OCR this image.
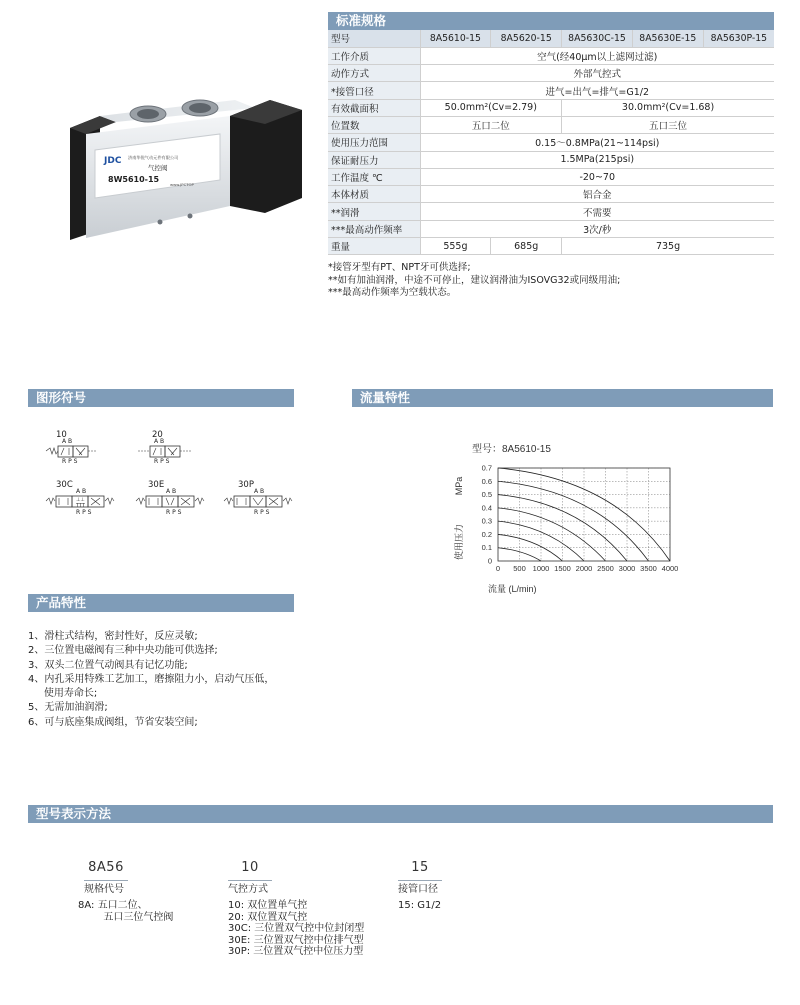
JDC 济南华锐气动元件有限公司
气控阀
8W5610-15
www.JPCTOP
标准规格
型号	8A5610-15	8A5620-15	8A5630C-15	8A5630E-15	8A5630P-15
工作介质	空气(经40μm以上滤网过滤)				
动作方式	外部气控式				
*接管口径	进气=出气=排气=G1/2				
有效截面积	50.0mm²(Cv=2.79)		30.0mm²(Cv=1.68)		
位置数	五口二位		五口三位		
使用压力范围	0.15～0.8MPa(21~114psi)				
保证耐压力	1.5MPa(215psi)				
工作温度 ℃	-20~70				
本体材质	铝合金				
**润滑	不需要				
***最高动作频率	3次/秒				
重量	555g	685g	735g		
*接管牙型有PT、NPT牙可供选择;
**如有加油润滑，中途不可停止，建议润滑油为ISOVG32或同级用油;
***最高动作频率为空载状态。
图形符号
10
A B
R P S
20
A B
R P S
30C
⊥⊥
TTT
A B
R P S
30E
A B
R P S
30P
A B
R P S
流量特性
型号：8A5610-15
MPa
使用压力
流量 (L/min)
0 500 1000 1500 2000 2500 3000 3500 4000
0
0.1
0.2
0.3
0.4
0.5
0.6
0.7
产品特性
1、滑柱式结构，密封性好，反应灵敏;
2、三位置电磁阀有三种中央功能可供选择;
3、双头二位置气动阀具有记忆功能;
4、内孔采用特殊工艺加工，磨擦阻力小，启动气压低，
使用寿命长;
5、无需加油润滑;
6、可与底座集成阀组，节省安装空间;
型号表示方法
8A56
规格代号
8A: 五口二位、
五口三位气控阀
10
气控方式
10: 双位置单气控
20: 双位置双气控
30C: 三位置双气控中位封闭型
30E: 三位置双气控中位排气型
30P: 三位置双气控中位压力型
15
接管口径
15: G1/2
